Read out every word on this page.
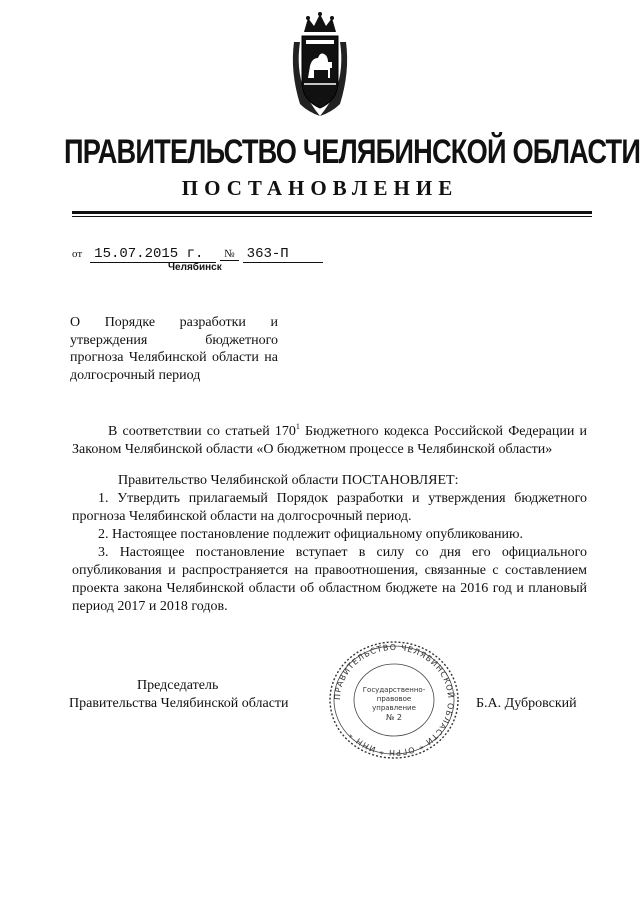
ПРАВИТЕЛЬСТВО ЧЕЛЯБИНСКОЙ ОБЛАСТИ
ПОСТАНОВЛЕНИЕ
от 15.07.2015 г. № 363-П
Челябинск
О Порядке разработки и утверждения бюджетного прогноза Челябинской области на долгосрочный период
В соответствии со статьей $170^1$ Бюджетного кодекса Российской Федерации и Законом Челябинской области «О бюджетном процессе в Челябинской области»
Правительство Челябинской области ПОСТАНОВЛЯЕТ:
1. Утвердить прилагаемый Порядок разработки и утверждения бюджетного прогноза Челябинской области на долгосрочный период.
2. Настоящее постановление подлежит официальному опубликованию.
3. Настоящее постановление вступает в силу со дня его официального опубликования и распространяется на правоотношения, связанные с составлением проекта закона Челябинской области об областном бюджете на 2016 год и плановый период 2017 и 2018 годов.
Председатель
Правительства Челябинской области	Б.А. Дубровский
ПРАВИТЕЛЬСТВО ЧЕЛЯБИНСКОЙ ОБЛАСТИ * ОГРН * ИНН *
Государственно-
правовое
управление
№ 2
